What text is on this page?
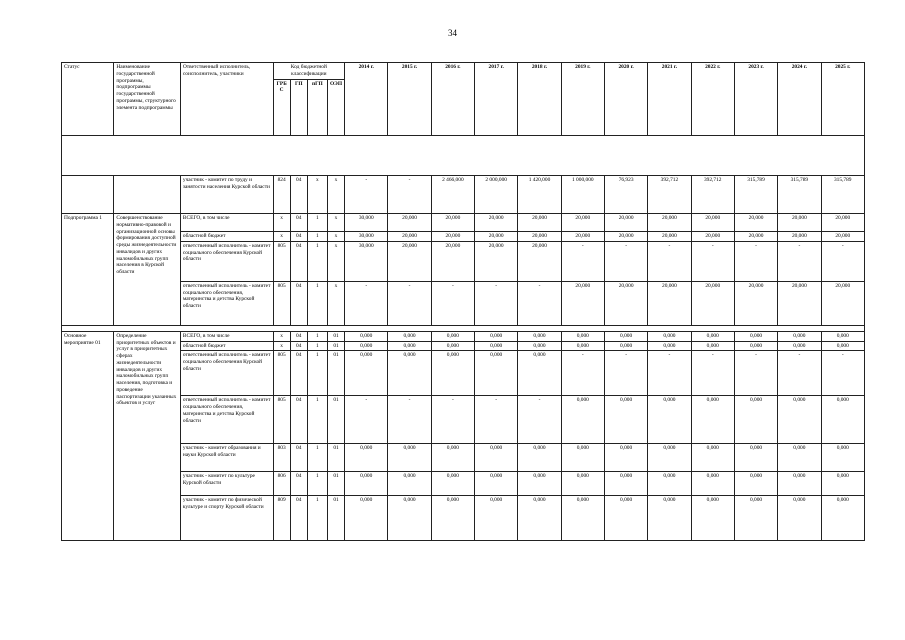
34
Статус	Наименование государственной программы, подпрограммы государственной программы, структурного элемента подпрограммы	Ответственный исполнитель, соисполнитель, участники	Код бюджетной классификации				2014 г.	2015 г.	2016 г.	2017 г.	2018 г.	2019 г.	2020 г.	2021 г.	2022 г.	2023 г.	2024 г.	2025 г.
			ГРБС	ГП	пГП	ОЭП												

		участник - комитет по труду и занятости населения Курской области	824	04	х	х	-	-	2 466,000	2 000,000	1 420,000	1 000,000	76,923	392,712	392,712	315,789	315,789	315,789
Подпрограмма 1	Совершенствование нормативно-правовой и организационной основы формирования доступной среды жизнедеятельности инвалидов и других маломобильных групп населения в Курской области	ВСЕГО, в том числе	х	04	1	х	30,000	20,000	20,000	20,000	20,000	20,000	20,000	20,000	20,000	20,000	20,000	20,000
		областной бюджет	х	04	1	х	30,000	20,000	20,000	20,000	20,000	20,000	20,000	20,000	20,000	20,000	20,000	20,000
		ответственный исполнитель - комитет социального обеспечения Курской области	805	04	1	х	30,000	20,000	20,000	20,000	20,000	-	-	-	-	-	-	-
		ответственный исполнитель - комитет социального обеспечения, материнства и детства Курской области	805	04	1	х	-	-	-	-	-	20,000	20,000	20,000	20,000	20,000	20,000	20,000

Основное мероприятие 01	Определение приоритетных объектов и услуг в приоритетных сферах жизнедеятельности инвалидов и других маломобильных групп населения, подготовка и проведение паспортизации указанных объектов и услуг	ВСЕГО, в том числе	х	04	1	01	0,000	0,000	0,000	0,000	0,000	0,000	0,000	0,000	0,000	0,000	0,000	0,000
		областной бюджет	х	04	1	01	0,000	0,000	0,000	0,000	0,000	0,000	0,000	0,000	0,000	0,000	0,000	0,000
		ответственный исполнитель - комитет социального обеспечения Курской области	805	04	1	01	0,000	0,000	0,000	0,000	0,000	-	-	-	-	-	-	-
		ответственный исполнитель - комитет социального обеспечения, материнства и детства Курской области	805	04	1	01	-	-	-	-	-	0,000	0,000	0,000	0,000	0,000	0,000	0,000
		участник - комитет образования и науки Курской области	803	04	1	01	0,000	0,000	0,000	0,000	0,000	0,000	0,000	0,000	0,000	0,000	0,000	0,000
		участник - комитет по культуре Курской области	806	04	1	01	0,000	0,000	0,000	0,000	0,000	0,000	0,000	0,000	0,000	0,000	0,000	0,000
		участник - комитет по физической культуре и спорту Курской области	809	04	1	01	0,000	0,000	0,000	0,000	0,000	0,000	0,000	0,000	0,000	0,000	0,000	0,000
